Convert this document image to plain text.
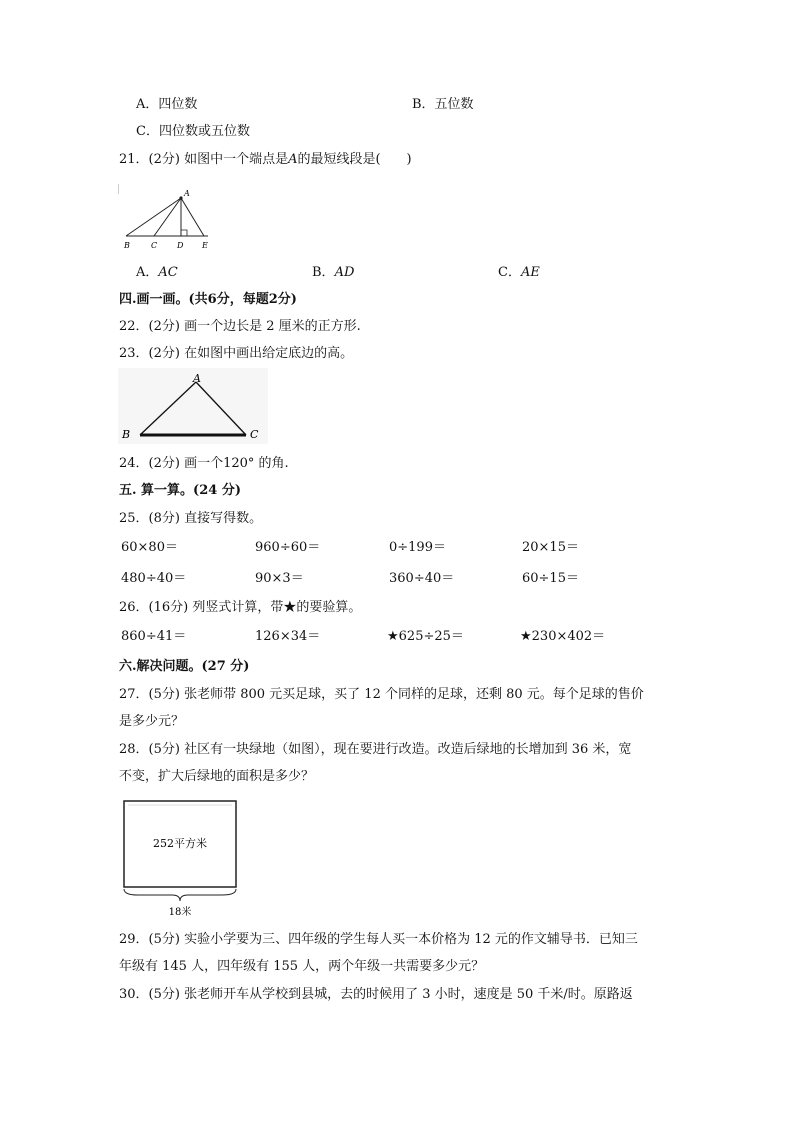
A．四位数	B．五位数
C．四位数或五位数
21．(2分) 如图中一个端点是A的最短线段是(　　)
A
B	C D E
A．AC	B．AD	C．AE
四.画一画。(共6分，每题2分)
22．(2分) 画一个边长是 2 厘米的正方形.
23．(2分) 在如图中画出给定底边的高。
A
B	C
24．(2分) 画一个120° 的角.
五. 算一算。(24 分)
25．(8分) 直接写得数。
60×80＝	960÷60＝	0÷199＝	20×15＝
480÷40＝	90×3＝	360÷40＝	60÷15＝
26．(16分) 列竖式计算，带★的要验算。
860÷41＝	126×34＝	★625÷25＝	★230×402＝
六.解决问题。(27 分)
27．(5分) 张老师带 800 元买足球，买了 12 个同样的足球，还剩 80 元。每个足球的售价
是多少元？
28．(5分) 社区有一块绿地（如图），现在要进行改造。改造后绿地的长增加到 36 米，宽
不变，扩大后绿地的面积是多少？
252平方米
18米
29．(5分) 实验小学要为三、四年级的学生每人买一本价格为 12 元的作文辅导书．已知三
年级有 145 人，四年级有 155 人，两个年级一共需要多少元？
30．(5分) 张老师开车从学校到县城，去的时候用了 3 小时，速度是 50 千米/时。原路返
